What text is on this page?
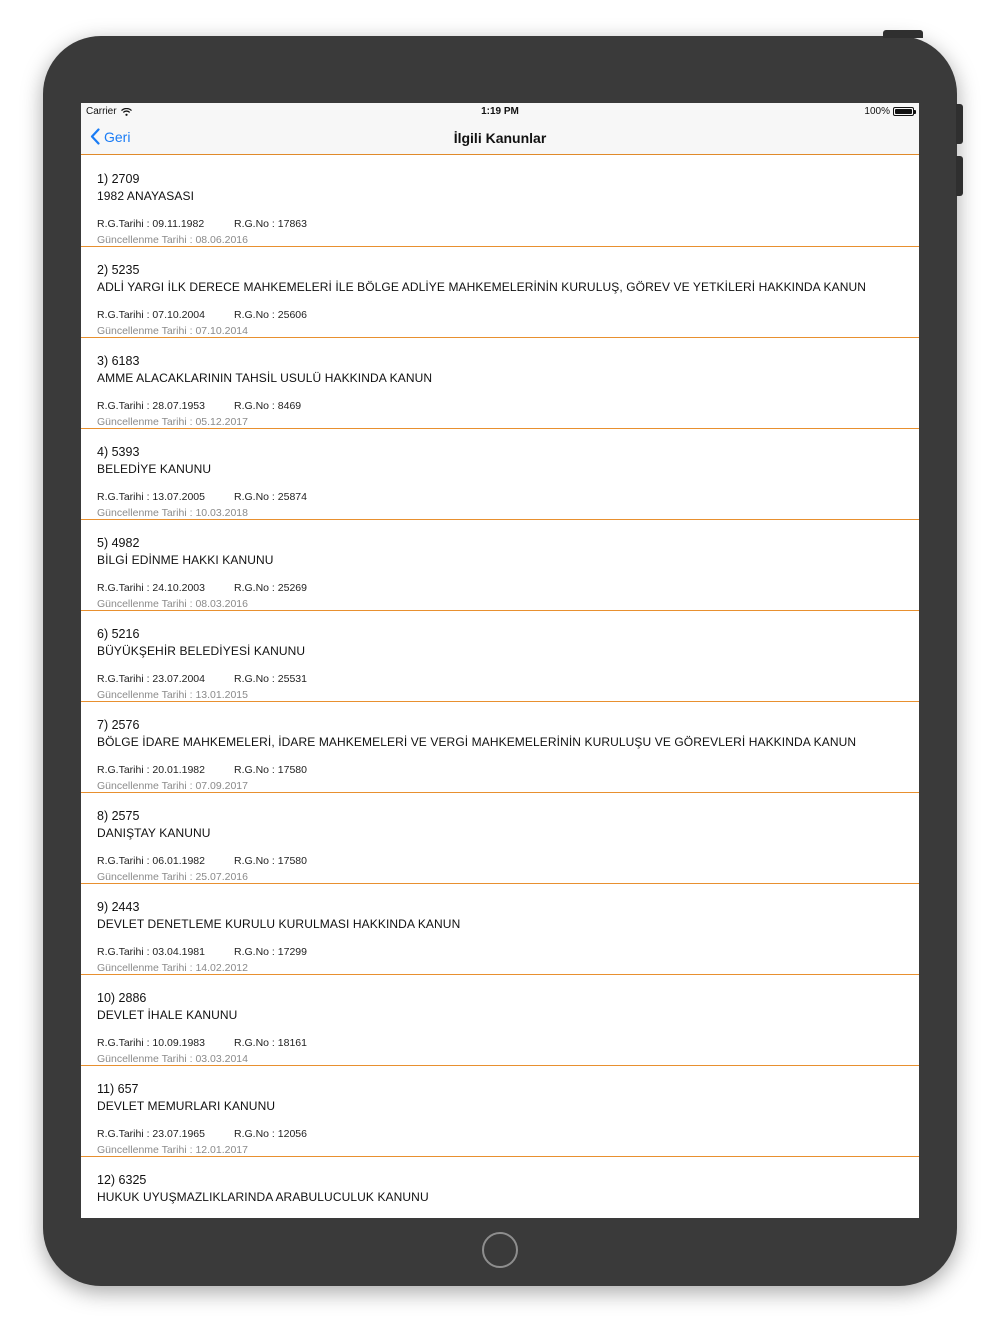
Carrier	1:19 PM	100%
Geri	İlgili Kanunlar
1) 2709
1982 ANAYASASI
R.G.Tarihi : 09.11.1982	R.G.No : 17863
Güncellenme Tarihi : 08.06.2016
2) 5235
ADLİ YARGI İLK DERECE MAHKEMELERİ İLE BÖLGE ADLİYE MAHKEMELERİNİN KURULUŞ, GÖREV VE YETKİLERİ HAKKINDA KANUN
R.G.Tarihi : 07.10.2004	R.G.No : 25606
Güncellenme Tarihi : 07.10.2014
3) 6183
AMME ALACAKLARININ TAHSİL USULÜ HAKKINDA KANUN
R.G.Tarihi : 28.07.1953	R.G.No : 8469
Güncellenme Tarihi : 05.12.2017
4) 5393
BELEDİYE KANUNU
R.G.Tarihi : 13.07.2005	R.G.No : 25874
Güncellenme Tarihi : 10.03.2018
5) 4982
BİLGİ EDİNME HAKKI KANUNU
R.G.Tarihi : 24.10.2003	R.G.No : 25269
Güncellenme Tarihi : 08.03.2016
6) 5216
BÜYÜKŞEHİR BELEDİYESİ KANUNU
R.G.Tarihi : 23.07.2004	R.G.No : 25531
Güncellenme Tarihi : 13.01.2015
7) 2576
BÖLGE İDARE MAHKEMELERİ, İDARE MAHKEMELERİ VE VERGİ MAHKEMELERİNİN KURULUŞU VE GÖREVLERİ HAKKINDA KANUN
R.G.Tarihi : 20.01.1982	R.G.No : 17580
Güncellenme Tarihi : 07.09.2017
8) 2575
DANIŞTAY KANUNU
R.G.Tarihi : 06.01.1982	R.G.No : 17580
Güncellenme Tarihi : 25.07.2016
9) 2443
DEVLET DENETLEME KURULU KURULMASI HAKKINDA KANUN
R.G.Tarihi : 03.04.1981	R.G.No : 17299
Güncellenme Tarihi : 14.02.2012
10) 2886
DEVLET İHALE KANUNU
R.G.Tarihi : 10.09.1983	R.G.No : 18161
Güncellenme Tarihi : 03.03.2014
11) 657
DEVLET MEMURLARI KANUNU
R.G.Tarihi : 23.07.1965	R.G.No : 12056
Güncellenme Tarihi : 12.01.2017
12) 6325
HUKUK UYUŞMAZLIKLARINDA ARABULUCULUK KANUNU
